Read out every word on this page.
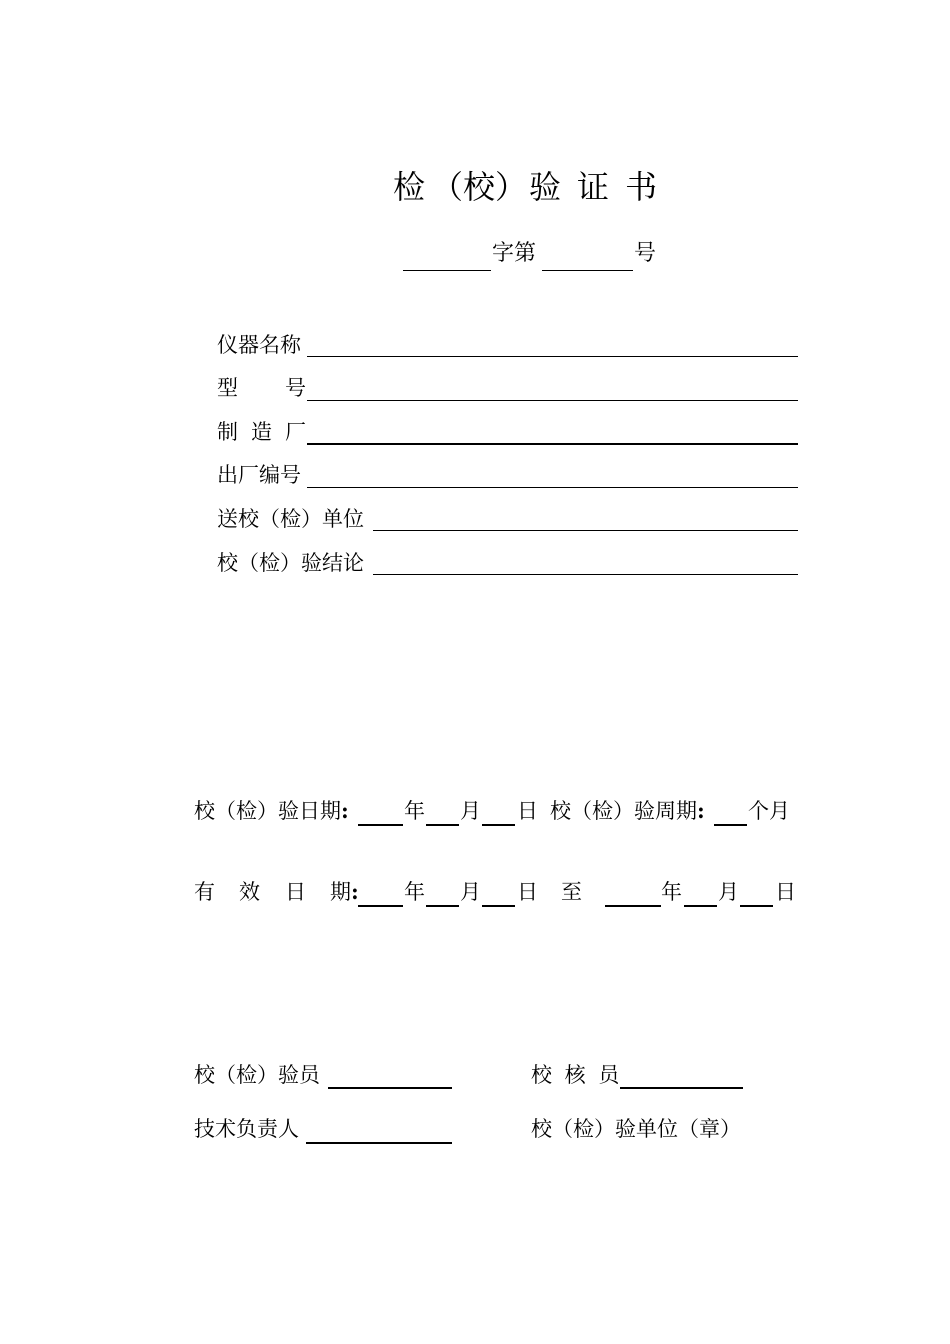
检 （校）验 证 书
字第	号
仪器名称
型 号
制 造 厂
出厂编号
送校（检）单位
校（检）验结论
校（检）验日期:	年 月 日 校（检）验周期: 个月
有 效 日 期: 年 月 日 至	年 月 日
校（检）验员	校 核 员
技术负责人	校（检）验单位（章）
